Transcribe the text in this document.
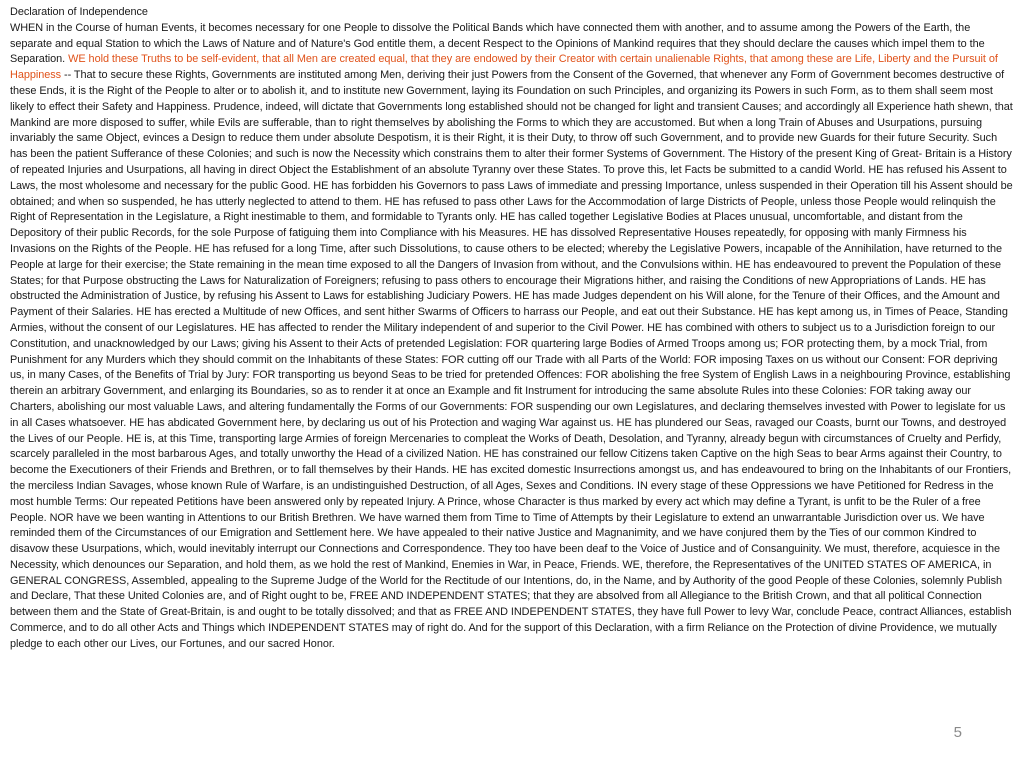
Declaration of Independence

WHEN in the Course of human Events, it becomes necessary for one People to dissolve the Political Bands which have connected them with another, and to assume among the Powers of the Earth, the separate and equal Station to which the Laws of Nature and of Nature's God entitle them, a decent Respect to the Opinions of Mankind requires that they should declare the causes which impel them to the Separation. WE hold these Truths to be self-evident, that all Men are created equal, that they are endowed by their Creator with certain unalienable Rights, that among these are Life, Liberty and the Pursuit of Happiness -- That to secure these Rights, Governments are instituted among Men, deriving their just Powers from the Consent of the Governed, that whenever any Form of Government becomes destructive of these Ends, it is the Right of the People to alter or to abolish it, and to institute new Government, laying its Foundation on such Principles, and organizing its Powers in such Form, as to them shall seem most likely to effect their Safety and Happiness. Prudence, indeed, will dictate that Governments long established should not be changed for light and transient Causes; and accordingly all Experience hath shewn, that Mankind are more disposed to suffer, while Evils are sufferable, than to right themselves by abolishing the Forms to which they are accustomed. But when a long Train of Abuses and Usurpations, pursuing invariably the same Object, evinces a Design to reduce them under absolute Despotism, it is their Right, it is their Duty, to throw off such Government, and to provide new Guards for their future Security. Such has been the patient Sufferance of these Colonies; and such is now the Necessity which constrains them to alter their former Systems of Government. The History of the present King of Great- Britain is a History of repeated Injuries and Usurpations, all having in direct Object the Establishment of an absolute Tyranny over these States. To prove this, let Facts be submitted to a candid World. HE has refused his Assent to Laws, the most wholesome and necessary for the public Good. HE has forbidden his Governors to pass Laws of immediate and pressing Importance, unless suspended in their Operation till his Assent should be obtained; and when so suspended, he has utterly neglected to attend to them. HE has refused to pass other Laws for the Accommodation of large Districts of People, unless those People would relinquish the Right of Representation in the Legislature, a Right inestimable to them, and formidable to Tyrants only. HE has called together Legislative Bodies at Places unusual, uncomfortable, and distant from the Depository of their public Records, for the sole Purpose of fatiguing them into Compliance with his Measures. HE has dissolved Representative Houses repeatedly, for opposing with manly Firmness his Invasions on the Rights of the People. HE has refused for a long Time, after such Dissolutions, to cause others to be elected; whereby the Legislative Powers, incapable of the Annihilation, have returned to the People at large for their exercise; the State remaining in the mean time exposed to all the Dangers of Invasion from without, and the Convulsions within. HE has endeavoured to prevent the Population of these States; for that Purpose obstructing the Laws for Naturalization of Foreigners; refusing to pass others to encourage their Migrations hither, and raising the Conditions of new Appropriations of Lands. HE has obstructed the Administration of Justice, by refusing his Assent to Laws for establishing Judiciary Powers. HE has made Judges dependent on his Will alone, for the Tenure of their Offices, and the Amount and Payment of their Salaries. HE has erected a Multitude of new Offices, and sent hither Swarms of Officers to harrass our People, and eat out their Substance. HE has kept among us, in Times of Peace, Standing Armies, without the consent of our Legislatures. HE has affected to render the Military independent of and superior to the Civil Power. HE has combined with others to subject us to a Jurisdiction foreign to our Constitution, and unacknowledged by our Laws; giving his Assent to their Acts of pretended Legislation: FOR quartering large Bodies of Armed Troops among us; FOR protecting them, by a mock Trial, from Punishment for any Murders which they should commit on the Inhabitants of these States: FOR cutting off our Trade with all Parts of the World: FOR imposing Taxes on us without our Consent: FOR depriving us, in many Cases, of the Benefits of Trial by Jury: FOR transporting us beyond Seas to be tried for pretended Offences: FOR abolishing the free System of English Laws in a neighbouring Province, establishing therein an arbitrary Government, and enlarging its Boundaries, so as to render it at once an Example and fit Instrument for introducing the same absolute Rules into these Colonies: FOR taking away our Charters, abolishing our most valuable Laws, and altering fundamentally the Forms of our Governments: FOR suspending our own Legislatures, and declaring themselves invested with Power to legislate for us in all Cases whatsoever. HE has abdicated Government here, by declaring us out of his Protection and waging War against us. HE has plundered our Seas, ravaged our Coasts, burnt our Towns, and destroyed the Lives of our People. HE is, at this Time, transporting large Armies of foreign Mercenaries to compleat the Works of Death, Desolation, and Tyranny, already begun with circumstances of Cruelty and Perfidy, scarcely paralleled in the most barbarous Ages, and totally unworthy the Head of a civilized Nation. HE has constrained our fellow Citizens taken Captive on the high Seas to bear Arms against their Country, to become the Executioners of their Friends and Brethren, or to fall themselves by their Hands. HE has excited domestic Insurrections amongst us, and has endeavoured to bring on the Inhabitants of our Frontiers, the merciless Indian Savages, whose known Rule of Warfare, is an undistinguished Destruction, of all Ages, Sexes and Conditions. IN every stage of these Oppressions we have Petitioned for Redress in the most humble Terms: Our repeated Petitions have been answered only by repeated Injury. A Prince, whose Character is thus marked by every act which may define a Tyrant, is unfit to be the Ruler of a free People. NOR have we been wanting in Attentions to our British Brethren. We have warned them from Time to Time of Attempts by their Legislature to extend an unwarrantable Jurisdiction over us. We have reminded them of the Circumstances of our Emigration and Settlement here. We have appealed to their native Justice and Magnanimity, and we have conjured them by the Ties of our common Kindred to disavow these Usurpations, which, would inevitably interrupt our Connections and Correspondence. They too have been deaf to the Voice of Justice and of Consanguinity. We must, therefore, acquiesce in the Necessity, which denounces our Separation, and hold them, as we hold the rest of Mankind, Enemies in War, in Peace, Friends. WE, therefore, the Representatives of the UNITED STATES OF AMERICA, in GENERAL CONGRESS, Assembled, appealing to the Supreme Judge of the World for the Rectitude of our Intentions, do, in the Name, and by Authority of the good People of these Colonies, solemnly Publish and Declare, That these United Colonies are, and of Right ought to be, FREE AND INDEPENDENT STATES; that they are absolved from all Allegiance to the British Crown, and that all political Connection between them and the State of Great-Britain, is and ought to be totally dissolved; and that as FREE AND INDEPENDENT STATES, they have full Power to levy War, conclude Peace, contract Alliances, establish Commerce, and to do all other Acts and Things which INDEPENDENT STATES may of right do. And for the support of this Declaration, with a firm Reliance on the Protection of divine Providence, we mutually pledge to each other our Lives, our Fortunes, and our sacred Honor.

5
